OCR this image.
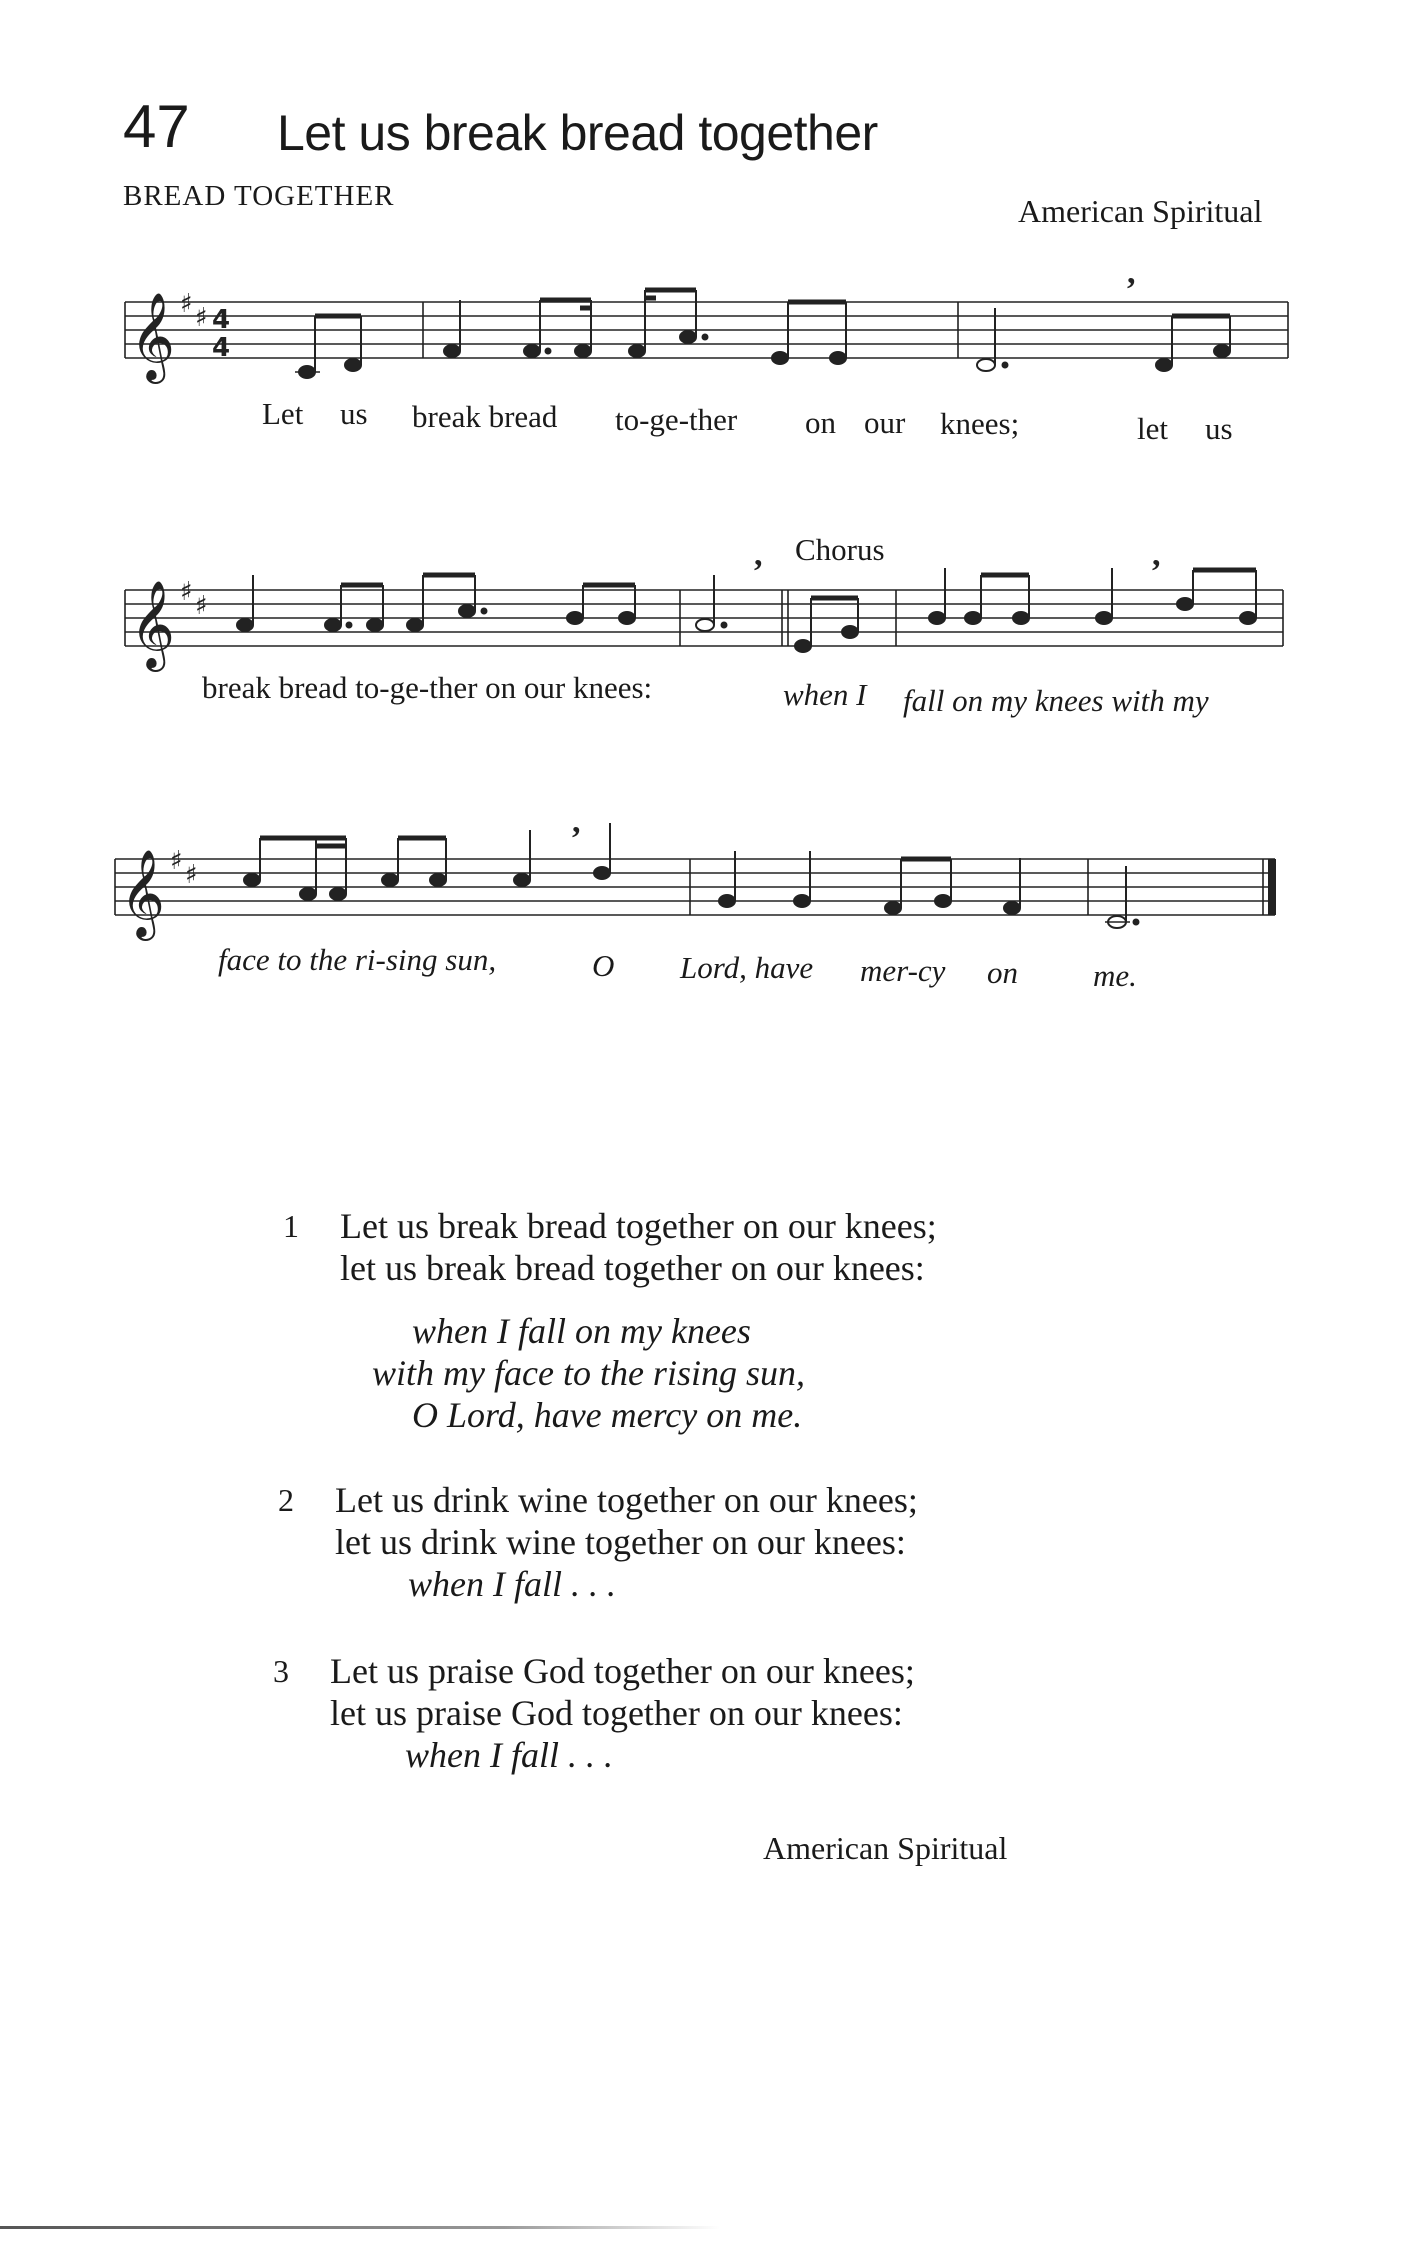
47 Let us break bread together
BREAD TOGETHER	American Spiritual
𝄞 ♯ ♯ 4
4
,
Let us break bread to-ge-ther on our knees;	let us
Chorus
𝄞 ♯ ♯
,	,
break bread to-ge-ther on our knees:	when I fall on my knees with my
𝄞 ♯ ♯
,
face to the ri-sing sun,	O Lord, have mer-cy on me.
1 Let us break bread together on our knees;
let us break bread together on our knees:
when I fall on my knees
with my face to the rising sun,
O Lord, have mercy on me.
2 Let us drink wine together on our knees;
let us drink wine together on our knees:
when I fall . . .
3 Let us praise God together on our knees;
let us praise God together on our knees:
when I fall . . .
American Spiritual
